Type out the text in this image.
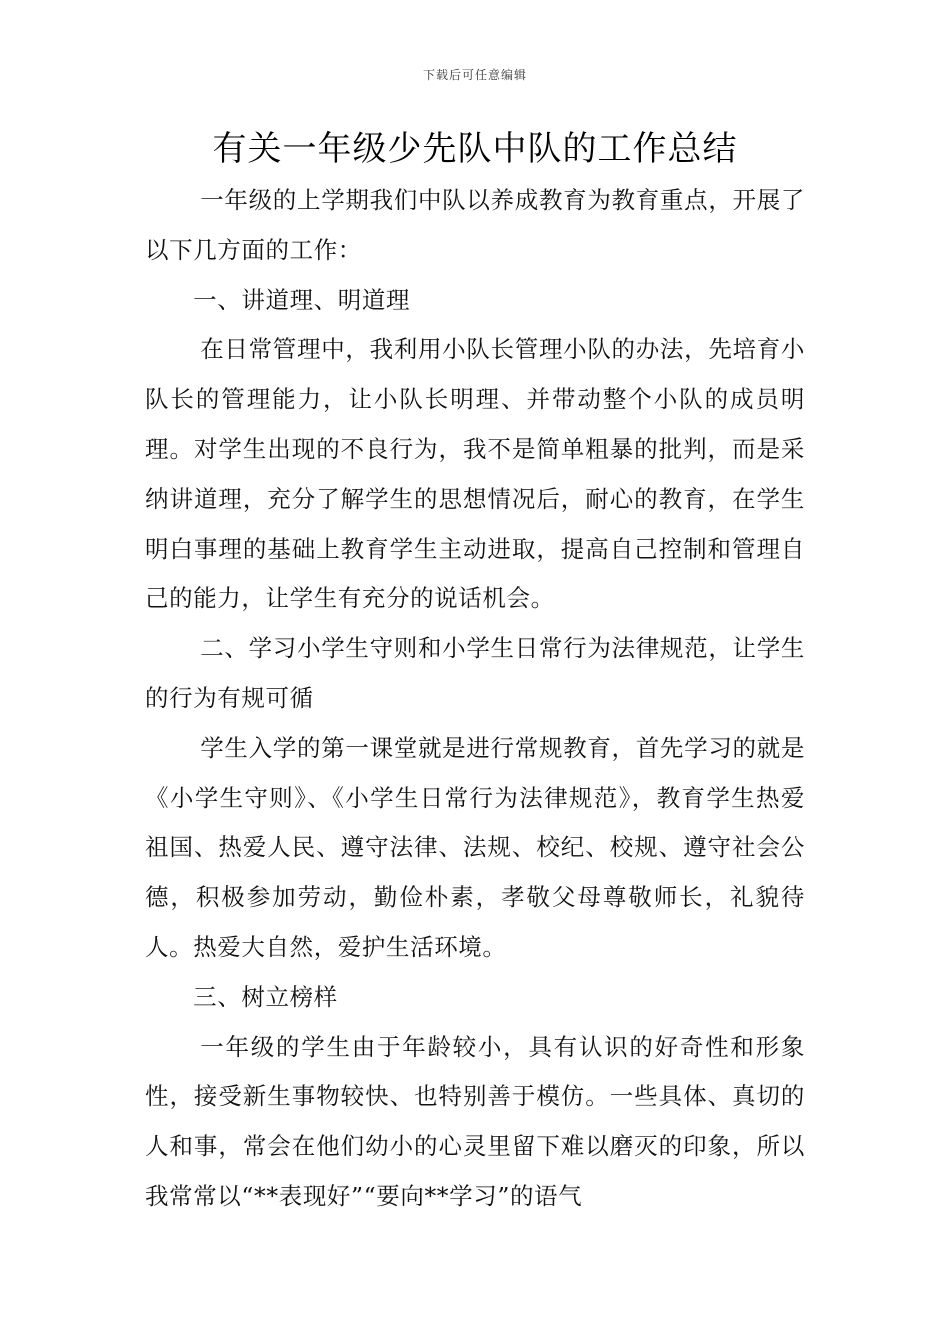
下载后可任意编辑
有关一年级少先队中队的工作总结

一年级的上学期我们中队以养成教育为教育重点，开展了以下几方面的工作：

一、讲道理、明道理

在日常管理中，我利用小队长管理小队的办法，先培育小队长的管理能力，让小队长明理、并带动整个小队的成员明理。对学生出现的不良行为，我不是简单粗暴的批判，而是采纳讲道理，充分了解学生的思想情况后，耐心的教育，在学生明白事理的基础上教育学生主动进取，提高自己控制和管理自己的能力，让学生有充分的说话机会。

二、学习小学生守则和小学生日常行为法律规范，让学生的行为有规可循

学生入学的第一课堂就是进行常规教育，首先学习的就是《小学生守则》、《小学生日常行为法律规范》，教育学生热爱祖国、热爱人民、遵守法律、法规、校纪、校规、遵守社会公德，积极参加劳动，勤俭朴素，孝敬父母尊敬师长，礼貌待人。热爱大自然，爱护生活环境。

三、树立榜样

一年级的学生由于年龄较小，具有认识的好奇性和形象性，接受新生事物较快、也特别善于模仿。一些具体、真切的人和事，常会在他们幼小的心灵里留下难以磨灭的印象，所以我常常以“**表现好”“要向**学习”的语气
